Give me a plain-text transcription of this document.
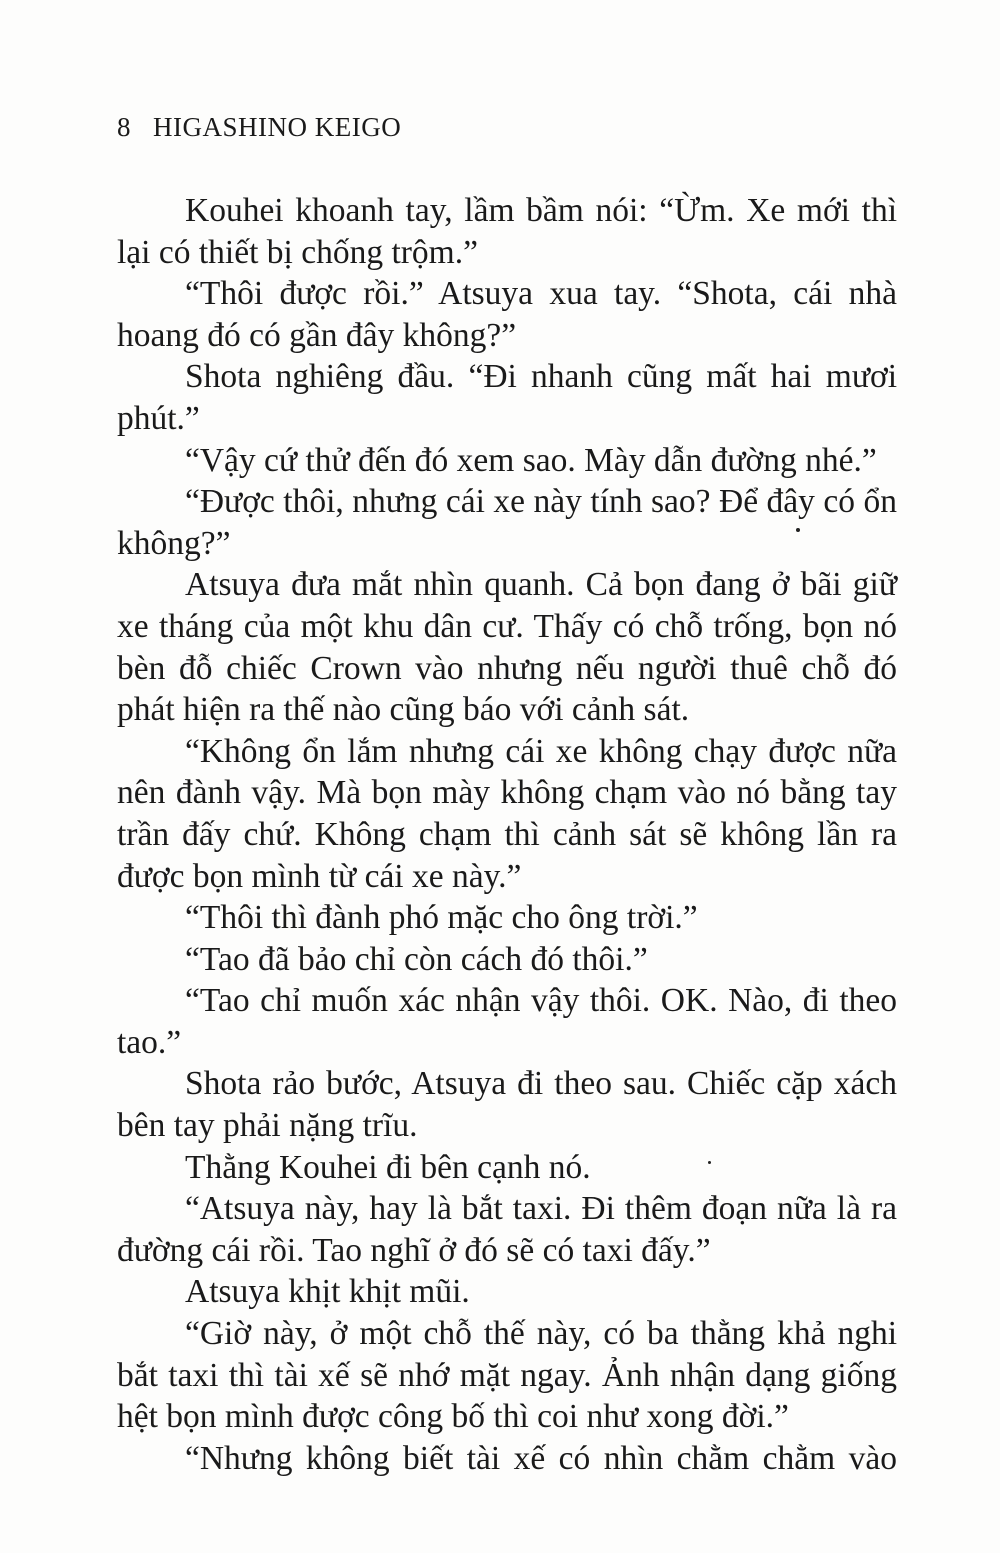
8 HIGASHINO KEIGO
Kouhei khoanh tay, lầm bầm nói: “Ừm. Xe mới thì
lại có thiết bị chống trộm.”
“Thôi được rồi.” Atsuya xua tay. “Shota, cái nhà
hoang đó có gần đây không?”
Shota nghiêng đầu. “Đi nhanh cũng mất hai mươi
phút.”
“Vậy cứ thử đến đó xem sao. Mày dẫn đường nhé.”
“Được thôi, nhưng cái xe này tính sao? Để đây có ổn
không?”
Atsuya đưa mắt nhìn quanh. Cả bọn đang ở bãi giữ
xe tháng của một khu dân cư. Thấy có chỗ trống, bọn nó
bèn đỗ chiếc Crown vào nhưng nếu người thuê chỗ đó
phát hiện ra thế nào cũng báo với cảnh sát.
“Không ổn lắm nhưng cái xe không chạy được nữa
nên đành vậy. Mà bọn mày không chạm vào nó bằng tay
trần đấy chứ. Không chạm thì cảnh sát sẽ không lần ra
được bọn mình từ cái xe này.”
“Thôi thì đành phó mặc cho ông trời.”
“Tao đã bảo chỉ còn cách đó thôi.”
“Tao chỉ muốn xác nhận vậy thôi. OK. Nào, đi theo
tao.”
Shota rảo bước, Atsuya đi theo sau. Chiếc cặp xách
bên tay phải nặng trĩu.
Thằng Kouhei đi bên cạnh nó.
“Atsuya này, hay là bắt taxi. Đi thêm đoạn nữa là ra
đường cái rồi. Tao nghĩ ở đó sẽ có taxi đấy.”
Atsuya khịt khịt mũi.
“Giờ này, ở một chỗ thế này, có ba thằng khả nghi
bắt taxi thì tài xế sẽ nhớ mặt ngay. Ảnh nhận dạng giống
hệt bọn mình được công bố thì coi như xong đời.”
“Nhưng không biết tài xế có nhìn chằm chằm vào
